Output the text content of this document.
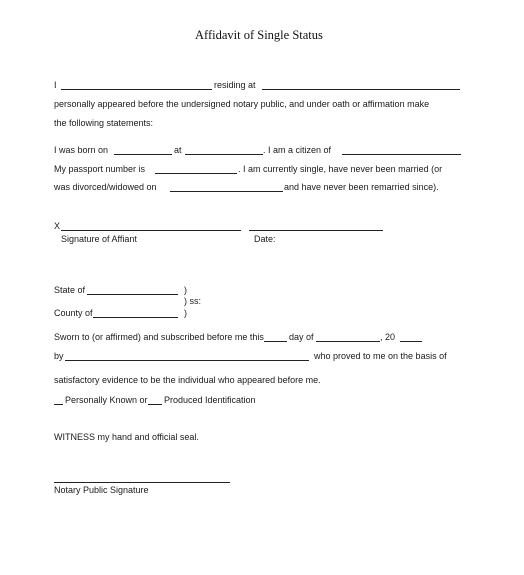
Affidavit of Single Status
I	residing at
personally appeared before the undersigned notary public, and under oath or affirmation make
the following statements:
I was born on	at	. I am a citizen of
My passport number is	. I am currently single, have never been married (or
was divorced/widowed on	and have never been remarried since).
X
Signature of Affiant	Date:
State of	)
) ss:
County of	)
Sworn to (or affirmed) and subscribed before me this	day of	, 20
by	who proved to me on the basis of
satisfactory evidence to be the individual who appeared before me.
Personally Known or Produced Identification
WITNESS my hand and official seal.
Notary Public Signature
